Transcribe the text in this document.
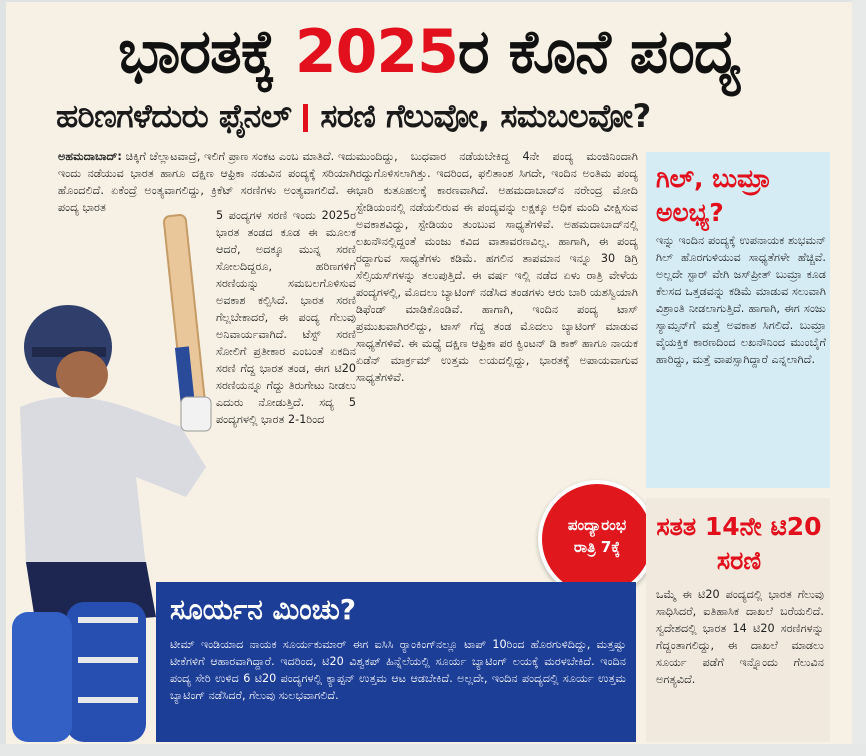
ಭಾರತಕ್ಕೆ 2025ರ ಕೊನೆ ಪಂದ್ಯ
ಹರಿಣಗಳೆದುರು ಫೈನಲ್ ಸರಣಿ ಗೆಲುವೋ, ಸಮಬಲವೋ?
ಅಹಮದಾಬಾದ್: ಚಿಕ್ಕಿಗೆ ಚೆಲ್ಲಾಟವಾದ್ರೆ, ಇಲಿಗೆ ಪ್ರಾಣ ಸಂಕಟ ಎಂಬ ಮಾತಿದೆ. ಇದು ಇಂದು ನಡೆಯುವ ಭಾರತ ಹಾಗೂ ದಕ್ಷಿಣ ಆಫ್ರಿಕಾ ನಡುವಿನ ಪಂದ್ಯಕ್ಕೆ ಸರಿಯಾಗಿ ಹೊಂದಲಿದೆ. ಏಕೆಂದ್ರೆ ಅಂತ್ಯವಾಗಲಿದ್ದು, ಕ್ರಿಕೆಟ್ ಸರಣಿಗಳು ಅಂತ್ಯವಾಗಲಿದೆ. ಈ ಪಂದ್ಯ ಭಾರತ
5 ಪಂದ್ಯಗಳ ಸರಣಿ ಇಂದು 2025ರ ಭಾರತ ತಂಡದ ಕೂಡ ಈ ಮೂಲಕ ಆದರೆ, ಅದಕ್ಕೂ ಮುನ್ನ ಸರಣಿ ಸೋಲದಿದ್ದರೂ, ಹರಿಣಗಳಿಗೆ ಸರಣಿಯನ್ನು ಸಮಬಲಗೊಳಿಸುವ ಅವಕಾಶ ಕಲ್ಪಿಸಿದೆ. ಭಾರತ ಸರಣಿ ಗೆಲ್ಲಬೇಕಾದರೆ, ಈ ಪಂದ್ಯ ಗೆಲುವು ಅನಿವಾರ್ಯವಾಗಿದೆ. ಟೆಸ್ಟ್ ಸರಣಿ ಸೋಲಿಗೆ ಪ್ರತೀಕಾರ ಎಂಬಂತೆ ಏಕದಿನ ಸರಣಿ ಗೆದ್ದ ಭಾರತ ತಂಡ, ಈಗ ಟಿ20 ಸರಣಿಯನ್ನೂ ಗೆದ್ದು ತಿರುಗೇಟು ನೀಡಲು ಎದುರು ನೋಡುತ್ತಿದೆ. ಸದ್ಯ 5 ಪಂದ್ಯಗಳಲ್ಲಿ ಭಾರತ 2-1ರಿಂದ
ಮುಂದಿದ್ದು, ಬುಧವಾರ ನಡೆಯಬೇಕಿದ್ದ 4ನೇ ಪಂದ್ಯ ಮಂಜಿನಿಂದಾಗಿ ರದ್ದುಗೊಳಿಸಲಾಗಿತ್ತು. ಇದರಿಂದ, ಫಲಿತಾಂಶ ಸಿಗದೇ, ಇಂದಿನ ಅಂತಿಮ ಪಂದ್ಯ ಭಾರಿ ಕುತೂಹಲಕ್ಕೆ ಕಾರಣವಾಗಿದೆ. ಅಹಮದಾಬಾದ್‌ನ ನರೇಂದ್ರ ಮೋದಿ ಸ್ಟೇಡಿಯಂನಲ್ಲಿ ನಡೆಯಲಿರುವ ಈ ಪಂದ್ಯವನ್ನು ಲಕ್ಷಕ್ಕೂ ಅಧಿಕ ಮಂದಿ ವೀಕ್ಷಿಸುವ ಅವಕಾಶವಿದ್ದು, ಸ್ಟೇಡಿಯಂ ತುಂಬುವ ಸಾಧ್ಯತೆಗಳಿವೆ. ಅಹಮದಾಬಾದ್‌ನಲ್ಲಿ ಲಖನೌನಲ್ಲಿದ್ದಂತೆ ಮಂಜು ಕವಿದ ವಾತಾವರಣವಿಲ್ಲ. ಹಾಗಾಗಿ, ಈ ಪಂದ್ಯ ರದ್ದಾಗುವ ಸಾಧ್ಯತೆಗಳು ಕಡಿಮೆ. ಹಗಲಿನ ತಾಪಮಾನ ಇನ್ನೂ 30 ಡಿಗ್ರಿ ಸೆಲ್ಸಿಯಸ್‌ಗಳನ್ನು ತಲುಪುತ್ತಿದೆ. ಈ ವರ್ಷ ಇಲ್ಲಿ ನಡೆದ ಏಳು ರಾತ್ರಿ ವೇಳೆಯ ಪಂದ್ಯಗಳಲ್ಲಿ, ಮೊದಲು ಬ್ಯಾಟಿಂಗ್ ನಡೆಸಿದ ತಂಡಗಳು ಆರು ಬಾರಿ ಯಶಸ್ವಿಯಾಗಿ ಡಿಫೆಂಡ್ ಮಾಡಿಕೊಂಡಿವೆ. ಹಾಗಾಗಿ, ಇಂದಿನ ಪಂದ್ಯ ಟಾಸ್ ಪ್ರಮುಖವಾಗಿರಲಿದ್ದು, ಟಾಸ್ ಗೆದ್ದ ತಂಡ ಮೊದಲು ಬ್ಯಾಟಿಂಗ್ ಮಾಡುವ ಸಾಧ್ಯತೆಗಳಿವೆ. ಈ ಮಧ್ಯೆ ದಕ್ಷಿಣ ಆಫ್ರಿಕಾ ಪರ ಕ್ವಿಂಟನ್ ಡಿ ಕಾಕ್ ಹಾಗೂ ನಾಯಕ ಏಡೆನ್ ಮಾರ್ಕ್ರಮ್ ಉತ್ತಮ ಲಯದಲ್ಲಿದ್ದು, ಭಾರತಕ್ಕೆ ಅಪಾಯವಾಗುವ ಸಾಧ್ಯತೆಗಳಿವೆ.
ಪಂದ್ಯಾರಂಭ
ರಾತ್ರಿ 7ಕ್ಕೆ
ಗಿಲ್, ಬುಮ್ರಾ ಅಲಭ್ಯ?
ಇನ್ನು ಇಂದಿನ ಪಂದ್ಯಕ್ಕೆ ಉಪನಾಯಕ ಶುಭಮನ್ ಗಿಲ್ ಹೊರಗುಳಿಯುವ ಸಾಧ್ಯತೆಗಳೇ ಹೆಚ್ಚಿವೆ. ಅಲ್ಲದೇ ಸ್ಟಾರ್ ವೇಗಿ ಜಸ್‌ಪ್ರೀತ್ ಬುಮ್ರಾ ಕೂಡ ಕೆಲಸದ ಒತ್ತಡವನ್ನು ಕಡಿಮೆ ಮಾಡುವ ಸಲುವಾಗಿ ವಿಶ್ರಾಂತಿ ನೀಡಲಾಗುತ್ತಿದೆ. ಹಾಗಾಗಿ, ಈಗ ಸಂಜು ಸ್ಯಾಮ್ಸನ್‌ಗೆ ಮತ್ತೆ ಅವಕಾಶ ಸಿಗಲಿದೆ. ಬುಮ್ರಾ ವೈಯಕ್ತಿಕ ಕಾರಣದಿಂದ ಲಖನೌನಿಂದ ಮುಂಬೈಗೆ ಹಾರಿದ್ದು, ಮತ್ತೆ ವಾಪಸ್ಸಾಗಿದ್ದಾರೆ ಎನ್ನಲಾಗಿದೆ.
ಸತತ 14ನೇ ಟಿ20 ಸರಣಿ
ಒಮ್ಮೆ ಈ ಟಿ20 ಪಂದ್ಯದಲ್ಲಿ ಭಾರತ ಗೆಲುವು ಸಾಧಿಸಿದರೆ, ಐತಿಹಾಸಿಕ ದಾಖಲೆ ಬರೆಯಲಿದೆ. ಸ್ವದೇಶದಲ್ಲಿ ಭಾರತ 14 ಟಿ20 ಸರಣಿಗಳನ್ನು ಗೆದ್ದಂತಾಗಲಿದ್ದು, ಈ ದಾಖಲೆ ಮಾಡಲು ಸೂರ್ಯ ಪಡೆಗೆ ಇನ್ನೊಂದು ಗೆಲುವಿನ ಅಗತ್ಯವಿದೆ.
ಸೂರ್ಯನ ಮಿಂಚು?
ಟೀಮ್ ಇಂಡಿಯಾದ ನಾಯಕ ಸೂರ್ಯಕುಮಾರ್ ಈಗ ಐಸಿಸಿ ರ‍್ಯಾಂಕಿಂಗ್‌ನಲ್ಲೂ ಟಾಪ್ 10ರಿಂದ ಹೊರಗುಳಿದಿದ್ದು, ಮತ್ತಷ್ಟು ಟೀಕೆಗಳಿಗೆ ಆಹಾರವಾಗಿದ್ದಾರೆ. ಇದರಿಂದ, ಟಿ20 ವಿಶ್ವಕಪ್ ಹಿನ್ನೆಲೆಯಲ್ಲಿ ಸೂರ್ಯ ಬ್ಯಾಟಿಂಗ್ ಲಯಕ್ಕೆ ಮರಳಬೇಕಿದೆ. ಇಂದಿನ ಪಂದ್ಯ ಸೇರಿ ಉಳಿದ 6 ಟಿ20 ಪಂದ್ಯಗಳಲ್ಲಿ ಕ್ಯಾಪ್ಟನ್ ಉತ್ತಮ ಆಟ ಆಡಬೇಕಿದೆ. ಅಲ್ಲದೇ, ಇಂದಿನ ಪಂದ್ಯದಲ್ಲಿ ಸೂರ್ಯ ಉತ್ತಮ ಬ್ಯಾಟಿಂಗ್ ನಡೆಸಿದರೆ, ಗೆಲುವು ಸುಲಭವಾಗಲಿದೆ.
